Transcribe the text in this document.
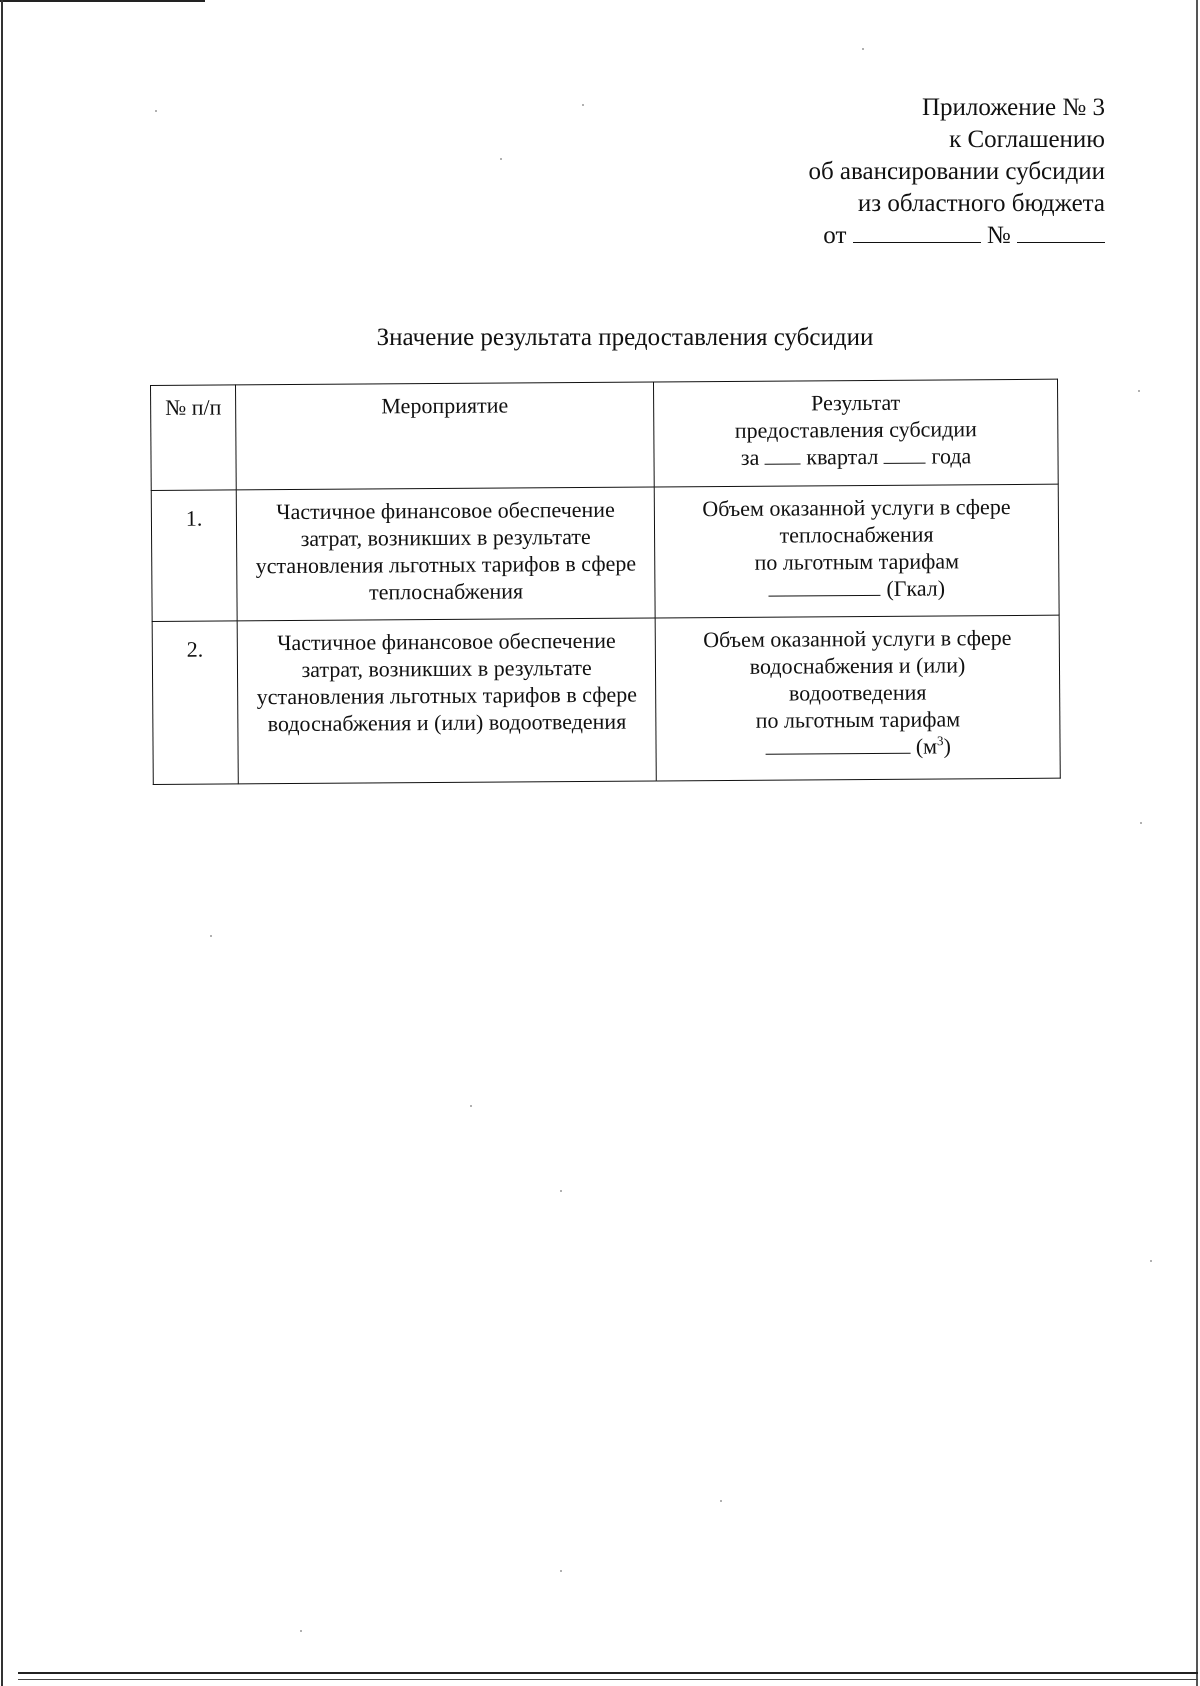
Приложение № 3
к Соглашению
об авансировании субсидии
из областного бюджета
от	№
Значение результата предоставления субсидии
№ п/п	Мероприятие	Результат
предоставления субсидии
за квартал года

1.	Частичное финансовое обеспечение затрат, возникших в результате установления льготных тарифов в сфере теплоснабжения	Объем оказанной услуги в сфере
теплоснабжения
по льготным тарифам
(Гкал)

2.	Частичное финансовое обеспечение затрат, возникших в результате установления льготных тарифов в сфере водоснабжения и (или) водоотведения	Объем оказанной услуги в сфере
водоснабжения и (или)
водоотведения
по льготным тарифам
$(м^3)$
